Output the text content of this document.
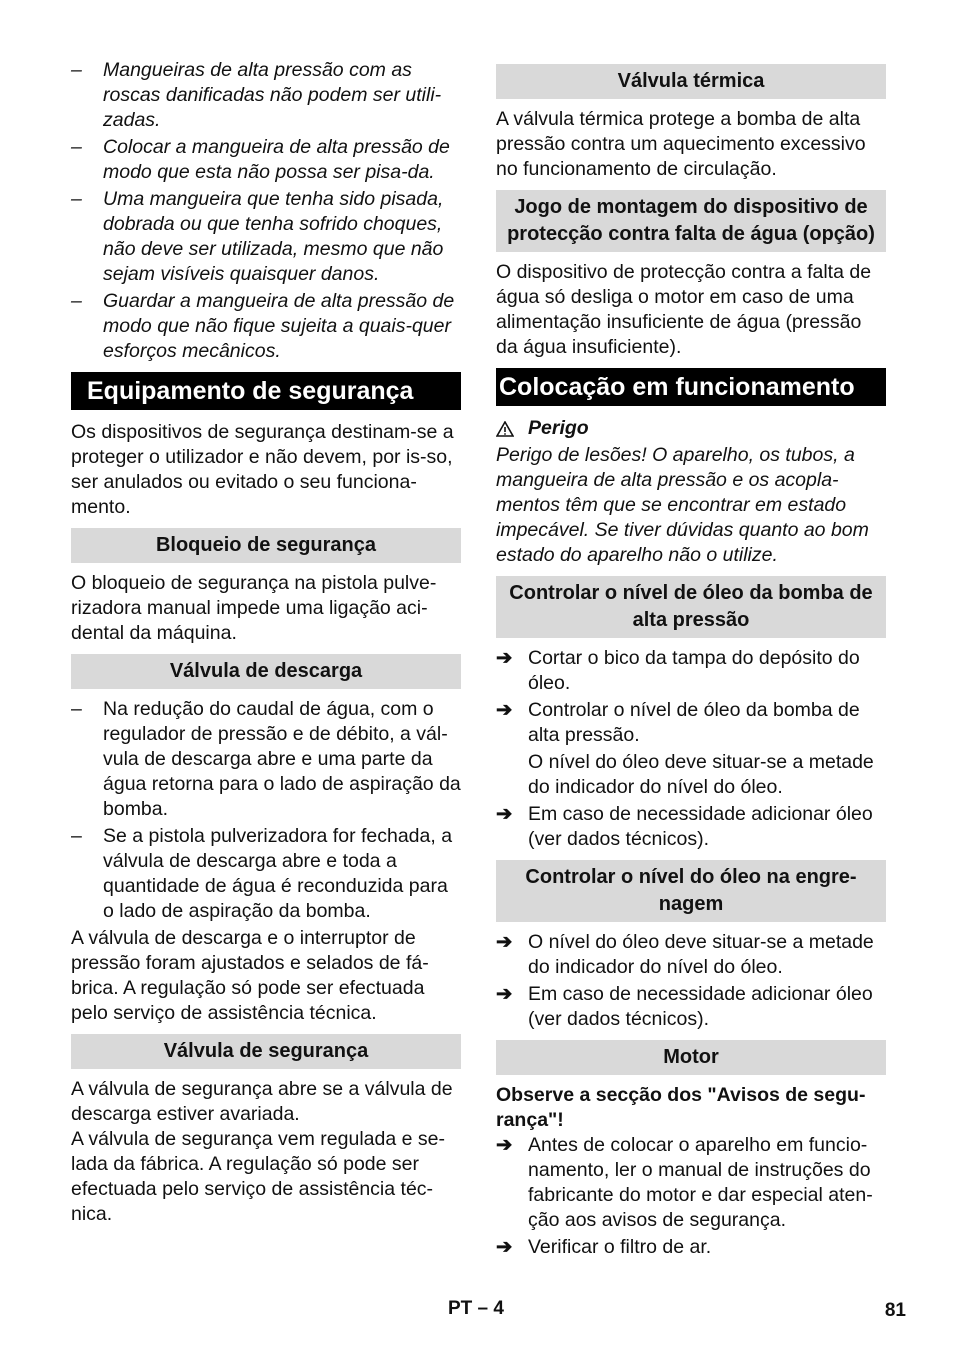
– Mangueiras de alta pressão com as roscas danificadas não podem ser utili-zadas.
– Colocar a mangueira de alta pressão de modo que esta não possa ser pisa-da.
– Uma mangueira que tenha sido pisada, dobrada ou que tenha sofrido choques, não deve ser utilizada, mesmo que não sejam visíveis quaisquer danos.
– Guardar a mangueira de alta pressão de modo que não fique sujeita a quais-quer esforços mecânicos.
Equipamento de segurança

Os dispositivos de segurança destinam-se a proteger o utilizador e não devem, por is-so, ser anulados ou evitado o seu funciona-mento.

Bloqueio de segurança

O bloqueio de segurança na pistola pulve-rizadora manual impede uma ligação aci-dental da máquina.

Válvula de descarga
– Na redução do caudal de água, com o regulador de pressão e de débito, a vál-vula de descarga abre e uma parte da água retorna para o lado de aspiração da bomba.
– Se a pistola pulverizadora for fechada, a válvula de descarga abre e toda a quantidade de água é reconduzida para o lado de aspiração da bomba.

A válvula de descarga e o interruptor de pressão foram ajustados e selados de fá-brica. A regulação só pode ser efectuada pelo serviço de assistência técnica.

Válvula de segurança

A válvula de segurança abre se a válvula de descarga estiver avariada.

A válvula de segurança vem regulada e se-lada da fábrica. A regulação só pode ser efectuada pelo serviço de assistência téc-nica.

Válvula térmica

A válvula térmica protege a bomba de alta pressão contra um aquecimento excessivo no funcionamento de circulação.

Jogo de montagem do dispositivo de protecção contra falta de água (opção)

O dispositivo de protecção contra a falta de água só desliga o motor em caso de uma alimentação insuficiente de água (pressão da água insuficiente).

Colocação em funcionamento
Perigo

Perigo de lesões! O aparelho, os tubos, a mangueira de alta pressão e os acopla-mentos têm que se encontrar em estado impecável. Se tiver dúvidas quanto ao bom estado do aparelho não o utilize.

Controlar o nível de óleo da bomba de alta pressão
➔ Cortar o bico da tampa do depósito do óleo.
➔ Controlar o nível de óleo da bomba de alta pressão.
O nível do óleo deve situar-se a metade do indicador do nível do óleo.
➔ Em caso de necessidade adicionar óleo (ver dados técnicos).
Controlar o nível do óleo na engre-nagem
➔ O nível do óleo deve situar-se a metade do indicador do nível do óleo.
➔ Em caso de necessidade adicionar óleo (ver dados técnicos).
Motor

Observe a secção dos "Avisos de segu-rança"!

➔ Antes de colocar o aparelho em funcio-namento, ler o manual de instruções do fabricante do motor e dar especial aten-ção aos avisos de segurança.
➔ Verificar o filtro de ar.
PT – 4	81
